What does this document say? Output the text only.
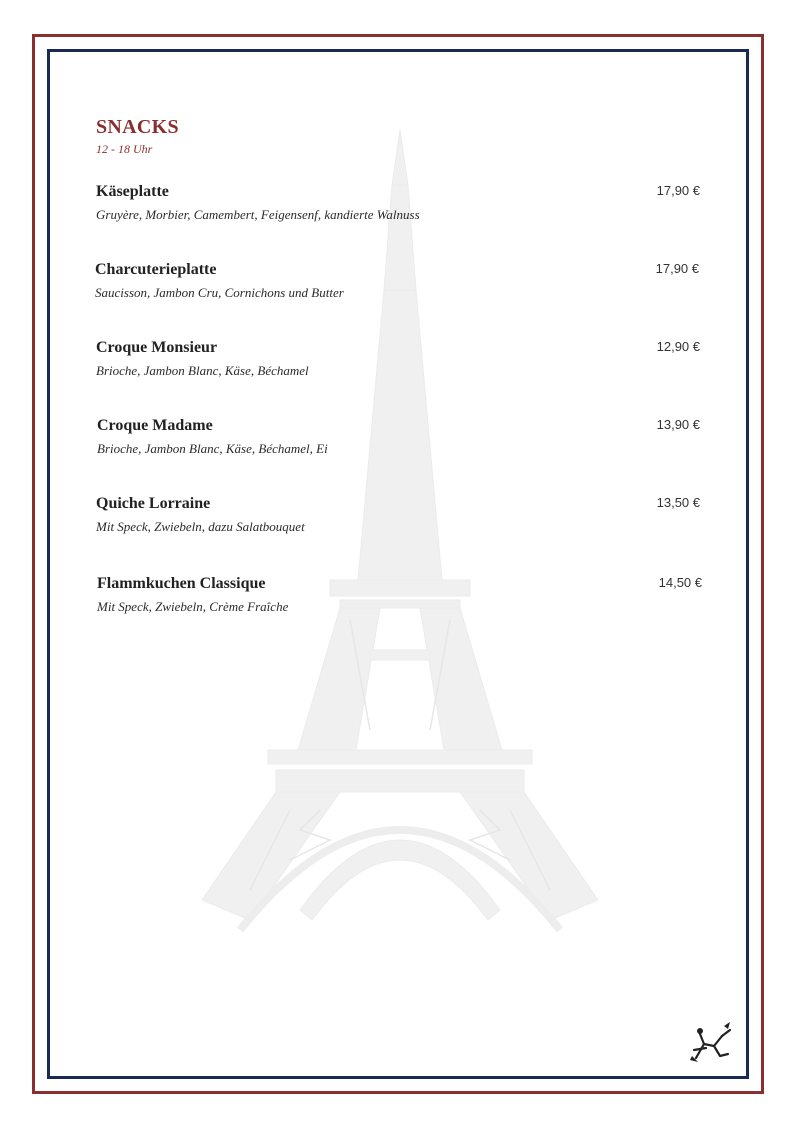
SNACKS
12 - 18 Uhr
Käseplatte
Gruyère, Morbier, Camembert, Feigensenf, kandierte Walnuss
17,90 €
Charcuterieplatte
Saucisson, Jambon Cru, Cornichons und Butter
17,90 €
Croque Monsieur
Brioche, Jambon Blanc, Käse, Béchamel
12,90 €
Croque Madame
Brioche, Jambon Blanc, Käse, Béchamel, Ei
13,90 €
Quiche Lorraine
Mit Speck, Zwiebeln, dazu Salatbouquet
13,50 €
Flammkuchen Classique
Mit Speck, Zwiebeln, Crème Fraîche
14,50 €
